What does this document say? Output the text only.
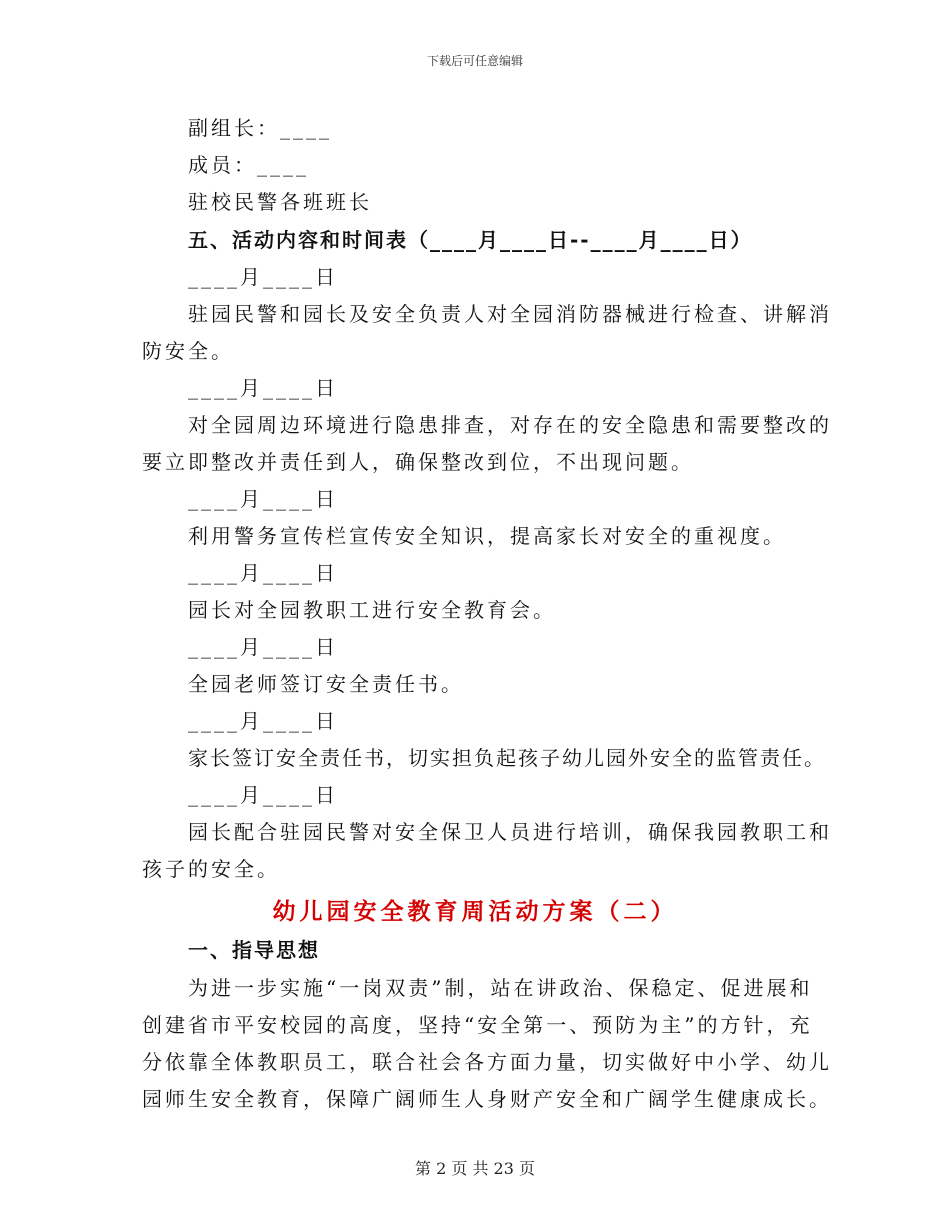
下载后可任意编辑
副组长：____
成员：____
驻校民警各班班长
五、活动内容和时间表（____月____日--____月____日）
____月____日
驻园民警和园长及安全负责人对全园消防器械进行检查、讲解消
防安全。
____月____日
对全园周边环境进行隐患排查，对存在的安全隐患和需要整改的
要立即整改并责任到人，确保整改到位，不出现问题。
____月____日
利用警务宣传栏宣传安全知识，提高家长对安全的重视度。
____月____日
园长对全园教职工进行安全教育会。
____月____日
全园老师签订安全责任书。
____月____日
家长签订安全责任书，切实担负起孩子幼儿园外安全的监管责任。
____月____日
园长配合驻园民警对安全保卫人员进行培训，确保我园教职工和
孩子的安全。
幼儿园安全教育周活动方案（二）
一、指导思想
为进一步实施“一岗双责”制，站在讲政治、保稳定、促进展和
创建省市平安校园的高度，坚持“安全第一、预防为主”的方针，充
分依靠全体教职员工，联合社会各方面力量，切实做好中小学、幼儿
园师生安全教育，保障广阔师生人身财产安全和广阔学生健康成长。
第 2 页 共 23 页
